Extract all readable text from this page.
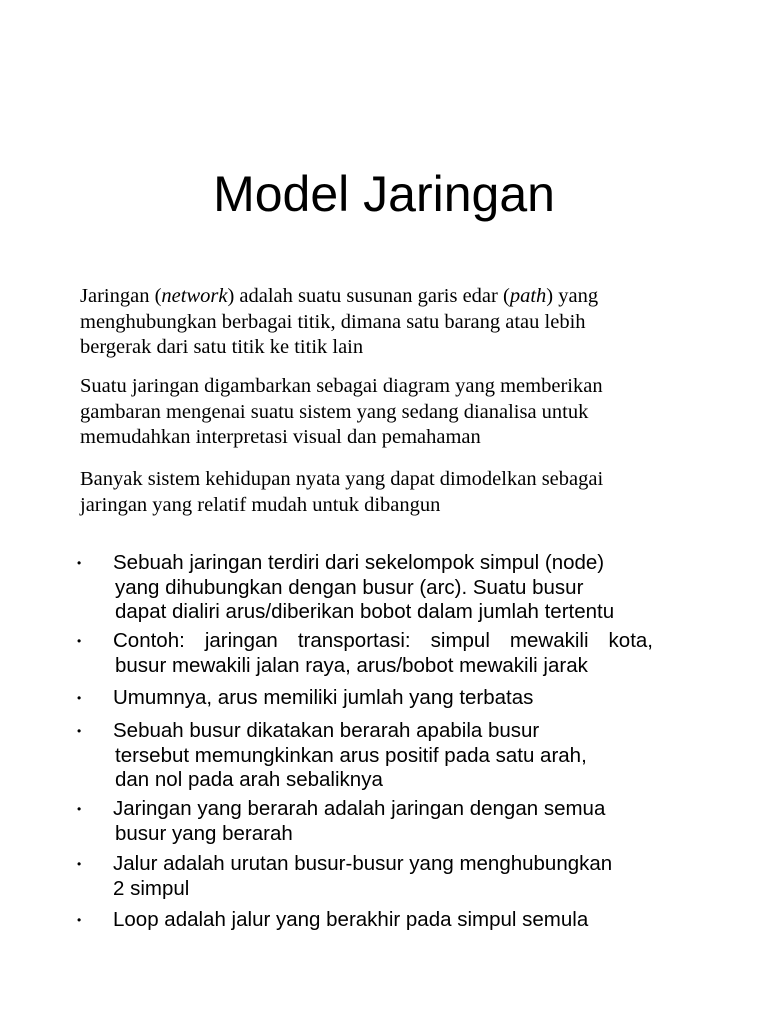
Model Jaringan

Jaringan (network) adalah suatu susunan garis edar (path) yang
menghubungkan berbagai titik, dimana satu barang atau lebih
bergerak dari satu titik ke titik lain

Suatu jaringan digambarkan sebagai diagram yang memberikan
gambaran mengenai suatu sistem yang sedang dianalisa untuk
memudahkan interpretasi visual dan pemahaman

Banyak sistem kehidupan nyata yang dapat dimodelkan sebagai
jaringan yang relatif mudah untuk dibangun

• Sebuah jaringan terdiri dari sekelompok simpul (node)
yang dihubungkan dengan busur (arc). Suatu busur
dapat dialiri arus/diberikan bobot dalam jumlah tertentu
• Contoh: jaringan transportasi: simpul mewakili kota,
busur mewakili jalan raya, arus/bobot mewakili jarak
• Umumnya, arus memiliki jumlah yang terbatas
• Sebuah busur dikatakan berarah apabila busur
tersebut memungkinkan arus positif pada satu arah,
dan nol pada arah sebaliknya
• Jaringan yang berarah adalah jaringan dengan semua
busur yang berarah
• Jalur adalah urutan busur-busur yang menghubungkan
2 simpul
• Loop adalah jalur yang berakhir pada simpul semula
